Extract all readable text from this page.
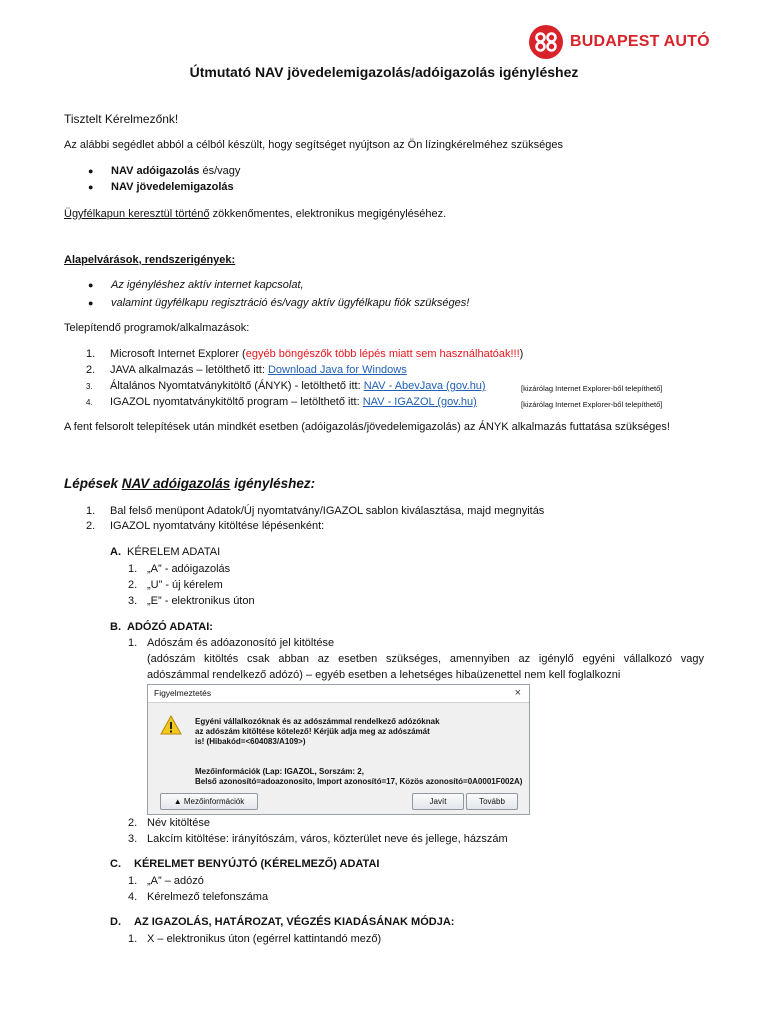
BUDAPEST AUTÓ
Útmutató NAV jövedelemigazolás/adóigazolás igényléshez
Tisztelt Kérelmezőnk!
Az alábbi segédlet abból a célból készült, hogy segítséget nyújtson az Ön lízingkérelméhez szükséges
● NAV adóigazolás és/vagy
● NAV jövedelemigazolás
Ügyfélkapun keresztül történő zökkenőmentes, elektronikus megigényléséhez.
Alapelvárások, rendszerigények:
● Az igényléshez aktív internet kapcsolat,
● valamint ügyfélkapu regisztráció és/vagy aktív ügyfélkapu fiók szükséges!
Telepítendő programok/alkalmazások:
1. Microsoft Internet Explorer (egyéb böngészők több lépés miatt sem használhatóak!!!)
2. JAVA alkalmazás – letölthető itt: Download Java for Windows
3. Általános Nyomtatványkitöltő (ÁNYK) - letölthető itt: NAV - AbevJava (gov.hu)	[kizárólag Internet Explorer-ből telepíthető]
4. IGAZOL nyomtatványkitöltő program – letölthető itt: NAV - IGAZOL (gov.hu)	[kizárólag Internet Explorer-ből telepíthető]
A fent felsorolt telepítések után mindkét esetben (adóigazolás/jövedelemigazolás) az ÁNYK alkalmazás futtatása szükséges!
Lépések NAV adóigazolás igényléshez:
1. Bal felső menüpont Adatok/Új nyomtatvány/IGAZOL sablon kiválasztása, majd megnyitás
2. IGAZOL nyomtatvány kitöltése lépésenként:
A. KÉRELEM ADATAI
1. „A” - adóigazolás
2. „U” - új kérelem
3. „E” - elektronikus úton
B. ADÓZÓ ADATAI:
1. Adószám és adóazonosító jel kitöltése
(adószám kitöltés csak abban az esetben szükséges, amennyiben az igénylő egyéni vállalkozó vagy
adószámmal rendelkező adózó) – egyéb esetben a lehetséges hibaüzenettel nem kell foglalkozni
Figyelmeztetés	×
Egyéni vállalkozóknak és az adószámmal rendelkező adózóknak
az adószám kitöltése kötelező! Kérjük adja meg az adószámát
is! (Hibakód=<604083/A109>)
Mezőinformációk (Lap: IGAZOL, Sorszám: 2,
Belső azonosító=adoazonosito, Import azonosító=17, Közös azonosító=0A0001F002A)
▲ Mezőinformációk	Javít	Tovább
2. Név kitöltése
3. Lakcím kitöltése: irányítószám, város, közterület neve és jellege, házszám
C. KÉRELMET BENYÚJTÓ (KÉRELMEZŐ) ADATAI
1. „A” – adózó
4. Kérelmező telefonszáma
D. AZ IGAZOLÁS, HATÁROZAT, VÉGZÉS KIADÁSÁNAK MÓDJA:
1. X – elektronikus úton (egérrel kattintandó mező)
